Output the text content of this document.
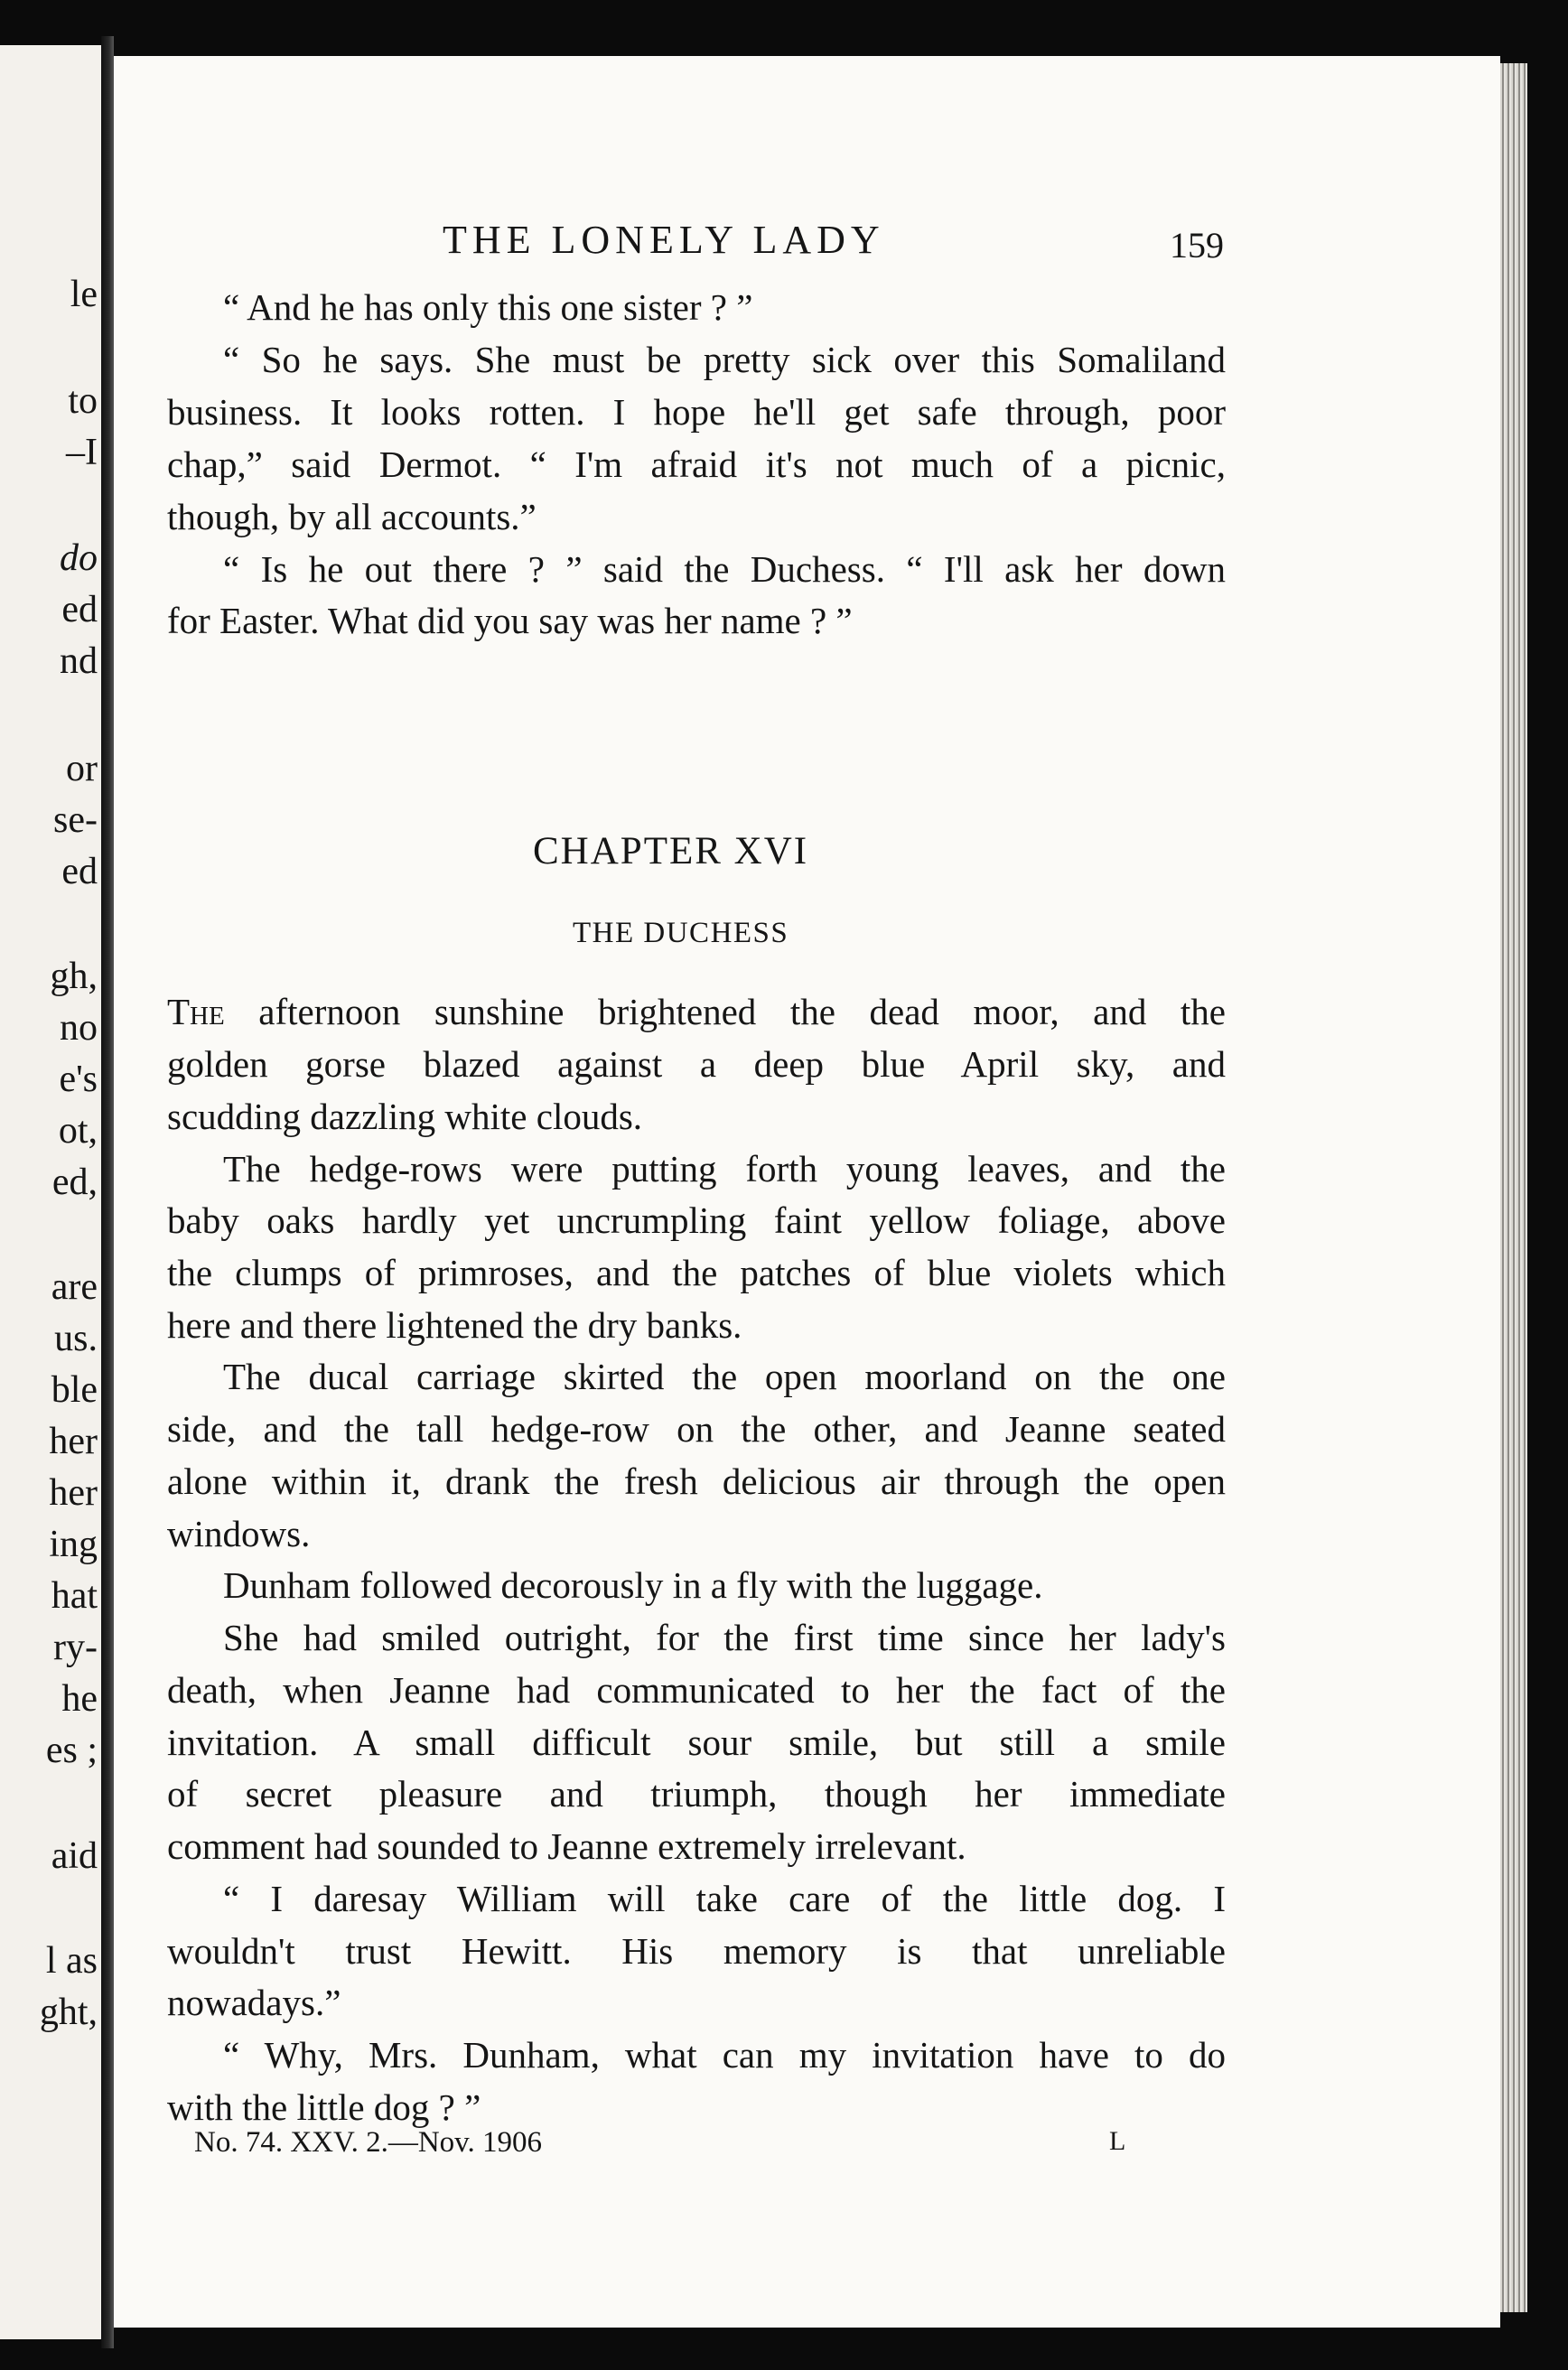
le
to
–I
do
ed
nd
or
se-
ed
gh,
no
e's
ot,
ed,
are
us.
ble
her
her
ing
hat
ry-
he
es ;
aid
l as
ght,
THE LONELY LADY	159
“ And he has only this one sister ? ”
“ So he says. She must be pretty sick over this Somaliland
business. It looks rotten. I hope he'll get safe through, poor
chap,” said Dermot. “ I'm afraid it's not much of a picnic,
though, by all accounts.”
“ Is he out there ? ” said the Duchess. “ I'll ask her down
for Easter. What did you say was her name ? ”
CHAPTER XVI
THE DUCHESS
The afternoon sunshine brightened the dead moor, and the
golden gorse blazed against a deep blue April sky, and
scudding dazzling white clouds.
The hedge-rows were putting forth young leaves, and the
baby oaks hardly yet uncrumpling faint yellow foliage, above
the clumps of primroses, and the patches of blue violets which
here and there lightened the dry banks.
The ducal carriage skirted the open moorland on the one
side, and the tall hedge-row on the other, and Jeanne seated
alone within it, drank the fresh delicious air through the open
windows.
Dunham followed decorously in a fly with the luggage.
She had smiled outright, for the first time since her lady's
death, when Jeanne had communicated to her the fact of the
invitation. A small difficult sour smile, but still a smile
of secret pleasure and triumph, though her immediate
comment had sounded to Jeanne extremely irrelevant.
“ I daresay William will take care of the little dog. I
wouldn't trust Hewitt. His memory is that unreliable
nowadays.”
“ Why, Mrs. Dunham, what can my invitation have to do
with the little dog ? ”
No. 74. XXV. 2.—Nov. 1906	L
